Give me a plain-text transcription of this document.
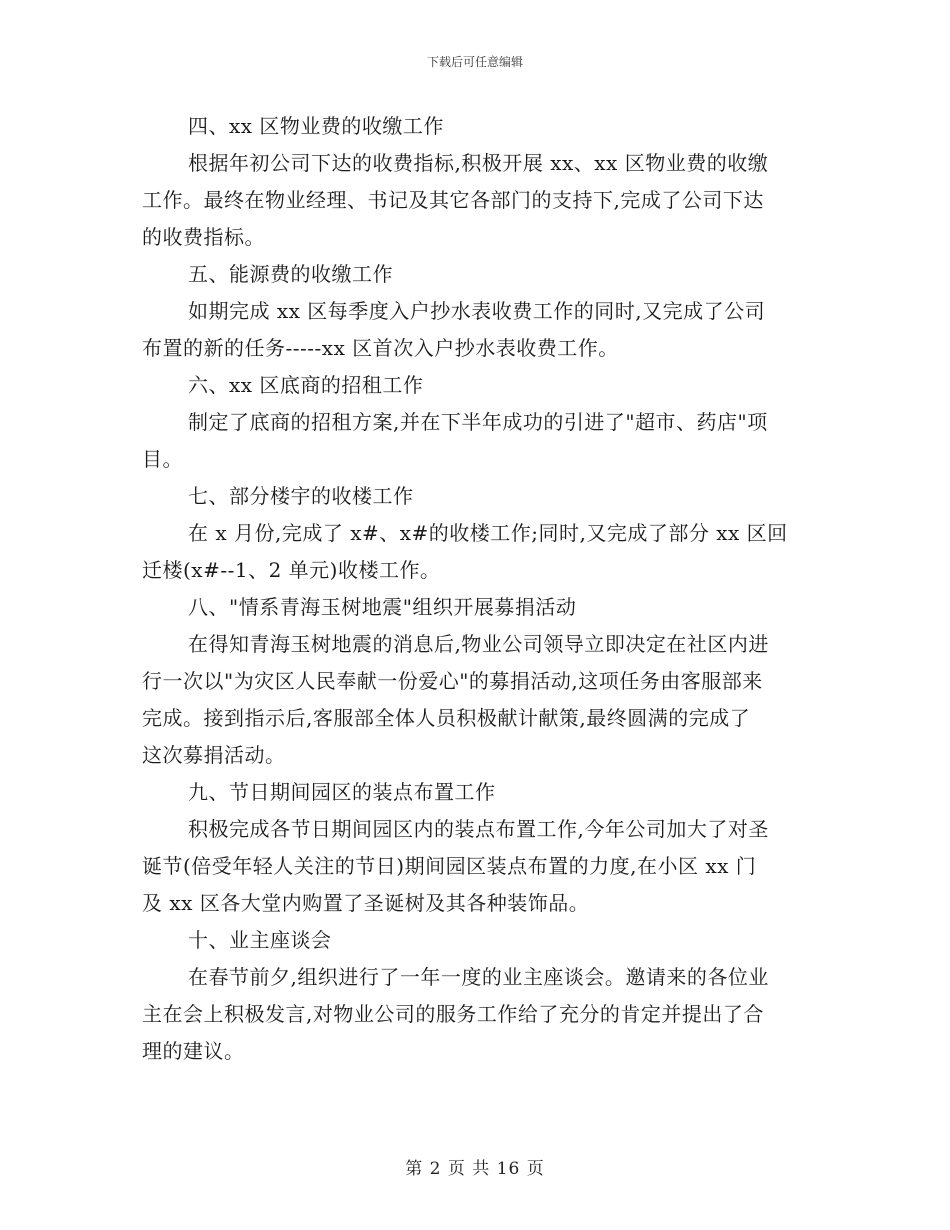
下载后可任意编辑
四、xx 区物业费的收缴工作
根据年初公司下达的收费指标,积极开展 xx、xx 区物业费的收缴
工作。最终在物业经理、书记及其它各部门的支持下,完成了公司下达
的收费指标。
五、能源费的收缴工作
如期完成 xx 区每季度入户抄水表收费工作的同时,又完成了公司
布置的新的任务-----xx 区首次入户抄水表收费工作。
六、xx 区底商的招租工作
制定了底商的招租方案,并在下半年成功的引进了"超市、药店"项
目。
七、部分楼宇的收楼工作
在 x 月份,完成了 x#、x#的收楼工作;同时,又完成了部分 xx 区回
迁楼(x#--1、2 单元)收楼工作。
八、"情系青海玉树地震"组织开展募捐活动
在得知青海玉树地震的消息后,物业公司领导立即决定在社区内进
行一次以"为灾区人民奉献一份爱心"的募捐活动,这项任务由客服部来
完成。接到指示后,客服部全体人员积极献计献策,最终圆满的完成了
这次募捐活动。
九、节日期间园区的装点布置工作
积极完成各节日期间园区内的装点布置工作,今年公司加大了对圣
诞节(倍受年轻人关注的节日)期间园区装点布置的力度,在小区 xx 门
及 xx 区各大堂内购置了圣诞树及其各种装饰品。
十、业主座谈会
在春节前夕,组织进行了一年一度的业主座谈会。邀请来的各位业
主在会上积极发言,对物业公司的服务工作给了充分的肯定并提出了合
理的建议。
第 2 页 共 16 页
